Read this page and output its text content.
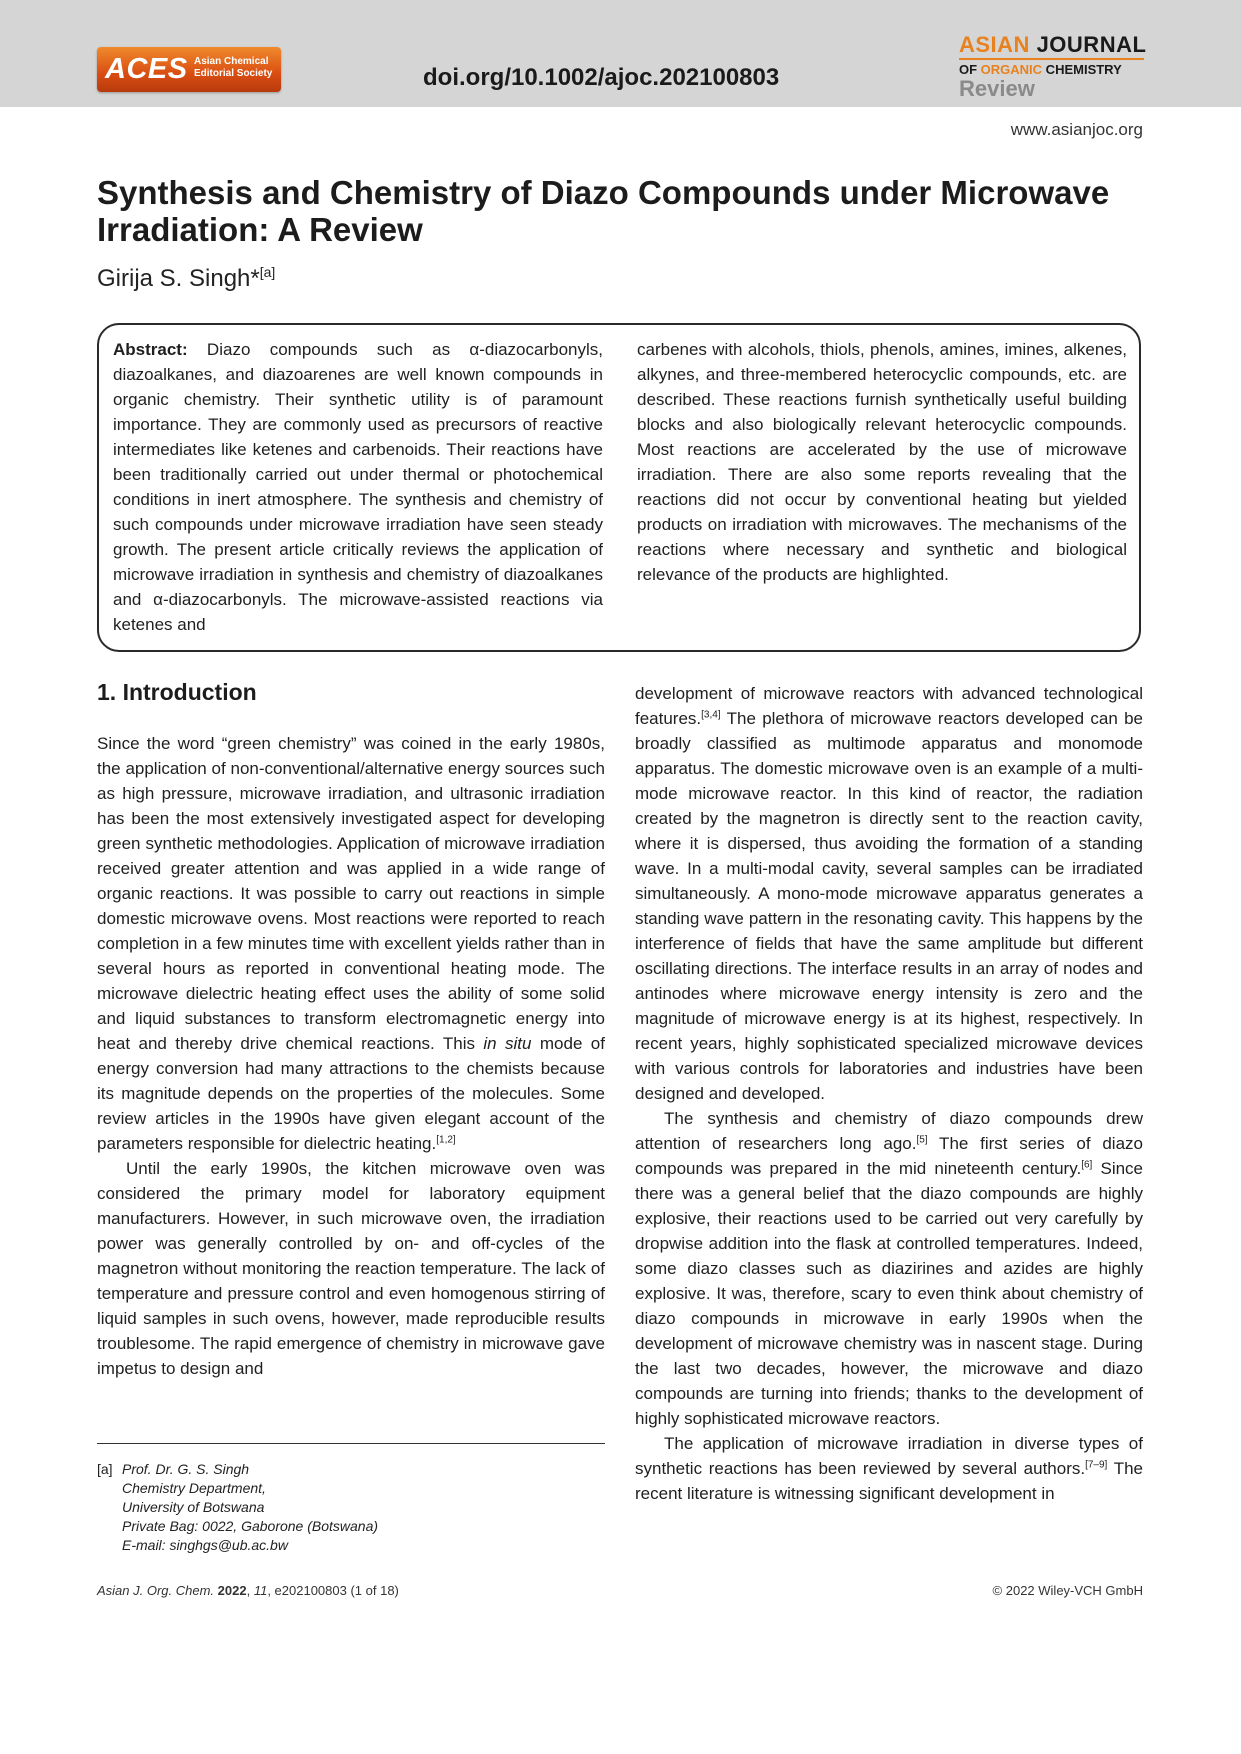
ACES Asian Chemical
Editorial Society	doi.org/10.1002/ajoc.202100803
ASIAN JOURNAL
OF ORGANIC CHEMISTRY
Review
www.asianjoc.org
Synthesis and Chemistry of Diazo Compounds under Microwave Irradiation: A Review
Girija S. Singh*[a]
Abstract: Diazo compounds such as α-diazocarbonyls, diazoalkanes, and diazoarenes are well known compounds in organic chemistry. Their synthetic utility is of paramount importance. They are commonly used as precursors of reactive intermediates like ketenes and carbenoids. Their reactions have been traditionally carried out under thermal or photochemical conditions in inert atmosphere. The synthesis and chemistry of such compounds under microwave irradiation have seen steady growth. The present article critically reviews the application of microwave irradiation in synthesis and chemistry of diazoalkanes and α-diazocarbonyls. The microwave-assisted reactions via ketenes and
carbenes with alcohols, thiols, phenols, amines, imines, alkenes, alkynes, and three-membered heterocyclic compounds, etc. are described. These reactions furnish synthetically useful building blocks and also biologically relevant heterocyclic compounds. Most reactions are accelerated by the use of microwave irradiation. There are also some reports revealing that the reactions did not occur by conventional heating but yielded products on irradiation with microwaves. The mechanisms of the reactions where necessary and synthetic and biological relevance of the products are highlighted.
1. Introduction

Since the word “green chemistry” was coined in the early 1980s, the application of non-conventional/alternative energy sources such as high pressure, microwave irradiation, and ultrasonic irradiation has been the most extensively investigated aspect for developing green synthetic methodologies. Application of microwave irradiation received greater attention and was applied in a wide range of organic reactions. It was possible to carry out reactions in simple domestic microwave ovens. Most reactions were reported to reach completion in a few minutes time with excellent yields rather than in several hours as reported in conventional heating mode. The microwave dielectric heating effect uses the ability of some solid and liquid substances to transform electromagnetic energy into heat and thereby drive chemical reactions. This in situ mode of energy conversion had many attractions to the chemists because its magnitude depends on the properties of the molecules. Some review articles in the 1990s have given elegant account of the parameters responsible for dielectric heating.[1,2]

Until the early 1990s, the kitchen microwave oven was considered the primary model for laboratory equipment manufacturers. However, in such microwave oven, the irradiation power was generally controlled by on- and off-cycles of the magnetron without monitoring the reaction temperature. The lack of temperature and pressure control and even homogenous stirring of liquid samples in such ovens, however, made reproducible results troublesome. The rapid emergence of chemistry in microwave gave impetus to design and

development of microwave reactors with advanced technological features.[3,4] The plethora of microwave reactors developed can be broadly classified as multimode apparatus and monomode apparatus. The domestic microwave oven is an example of a multi-mode microwave reactor. In this kind of reactor, the radiation created by the magnetron is directly sent to the reaction cavity, where it is dispersed, thus avoiding the formation of a standing wave. In a multi-modal cavity, several samples can be irradiated simultaneously. A mono-mode microwave apparatus generates a standing wave pattern in the resonating cavity. This happens by the interference of fields that have the same amplitude but different oscillating directions. The interface results in an array of nodes and antinodes where microwave energy intensity is zero and the magnitude of microwave energy is at its highest, respectively. In recent years, highly sophisticated specialized microwave devices with various controls for laboratories and industries have been designed and developed.

The synthesis and chemistry of diazo compounds drew attention of researchers long ago.[5] The first series of diazo compounds was prepared in the mid nineteenth century.[6] Since there was a general belief that the diazo compounds are highly explosive, their reactions used to be carried out very carefully by dropwise addition into the flask at controlled temperatures. Indeed, some diazo classes such as diazirines and azides are highly explosive. It was, therefore, scary to even think about chemistry of diazo compounds in microwave in early 1990s when the development of microwave chemistry was in nascent stage. During the last two decades, however, the microwave and diazo compounds are turning into friends; thanks to the development of highly sophisticated microwave reactors.

The application of microwave irradiation in diverse types of synthetic reactions has been reviewed by several authors.[7–9] The recent literature is witnessing significant development in

[a] Prof. Dr. G. S. Singh
Chemistry Department,
University of Botswana
Private Bag: 0022, Gaborone (Botswana)
E-mail: singhgs@ub.ac.bw
Asian J. Org. Chem. 2022, 11, e202100803 (1 of 18)	© 2022 Wiley-VCH GmbH
